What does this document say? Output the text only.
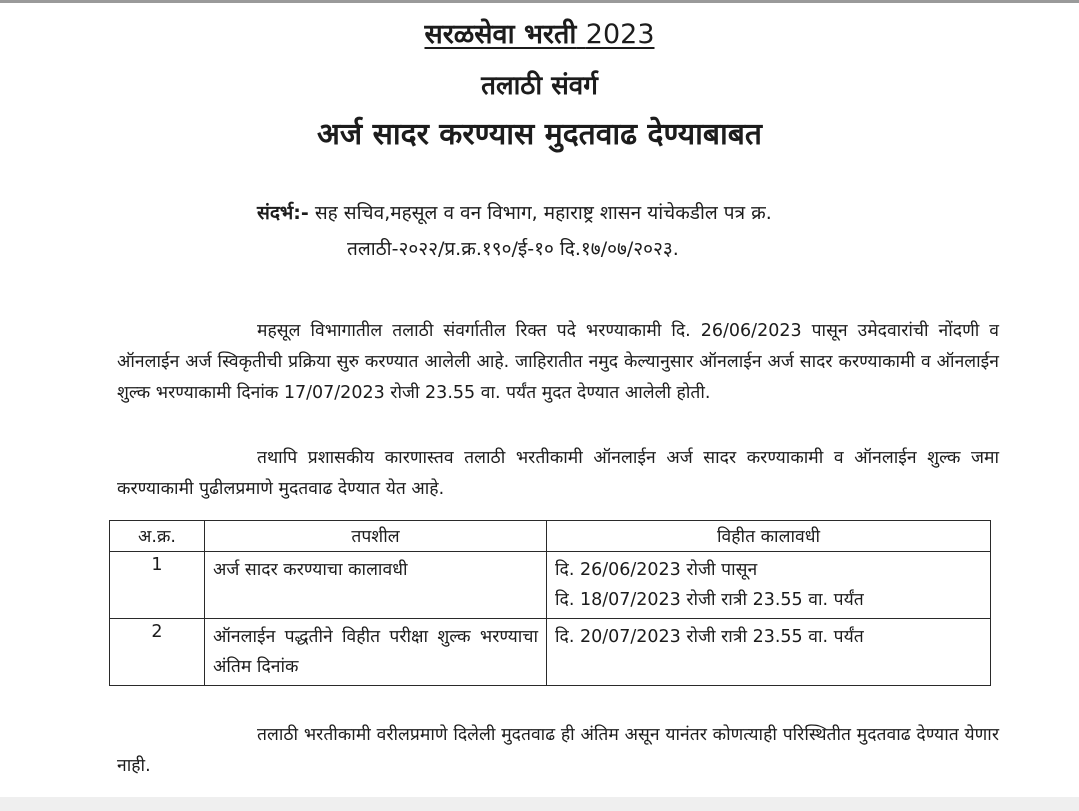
सरळसेवा भरती 2023
तलाठी संवर्ग
अर्ज सादर करण्यास मुदतवाढ देण्याबाबत
संदर्भ:- सह सचिव,महसूल व वन विभाग, महाराष्ट्र शासन यांचेकडील पत्र क्र.
तलाठी-२०२२/प्र.क्र.१९०/ई-१० दि.१७/०७/२०२३.
महसूल विभागातील तलाठी संवर्गातील रिक्त पदे भरण्याकामी दि. 26/06/2023 पासून उमेदवारांची नोंदणी व ऑनलाईन अर्ज स्विकृतीची प्रक्रिया सुरु करण्यात आलेली आहे. जाहिरातीत नमुद केल्यानुसार ऑनलाईन अर्ज सादर करण्याकामी व ऑनलाईन शुल्क भरण्याकामी दिनांक 17/07/2023 रोजी 23.55 वा. पर्यंत मुदत देण्यात आलेली होती.
तथापि प्रशासकीय कारणास्तव तलाठी भरतीकामी ऑनलाईन अर्ज सादर करण्याकामी व ऑनलाईन शुल्क जमा करण्याकामी पुढीलप्रमाणे मुदतवाढ देण्यात येत आहे.
अ.क्र.	तपशील	विहीत कालावधी
1	अर्ज सादर करण्याचा कालावधी	दि. 26/06/2023 रोजी पासून
दि. 18/07/2023 रोजी रात्री 23.55 वा. पर्यंत

2	ऑनलाईन पद्धतीने विहीत परीक्षा शुल्क भरण्याचा अंतिम दिनांक	दि. 20/07/2023 रोजी रात्री 23.55 वा. पर्यंत
तलाठी भरतीकामी वरीलप्रमाणे दिलेली मुदतवाढ ही अंतिम असून यानंतर कोणत्याही परिस्थितीत मुदतवाढ देण्यात येणार नाही.
